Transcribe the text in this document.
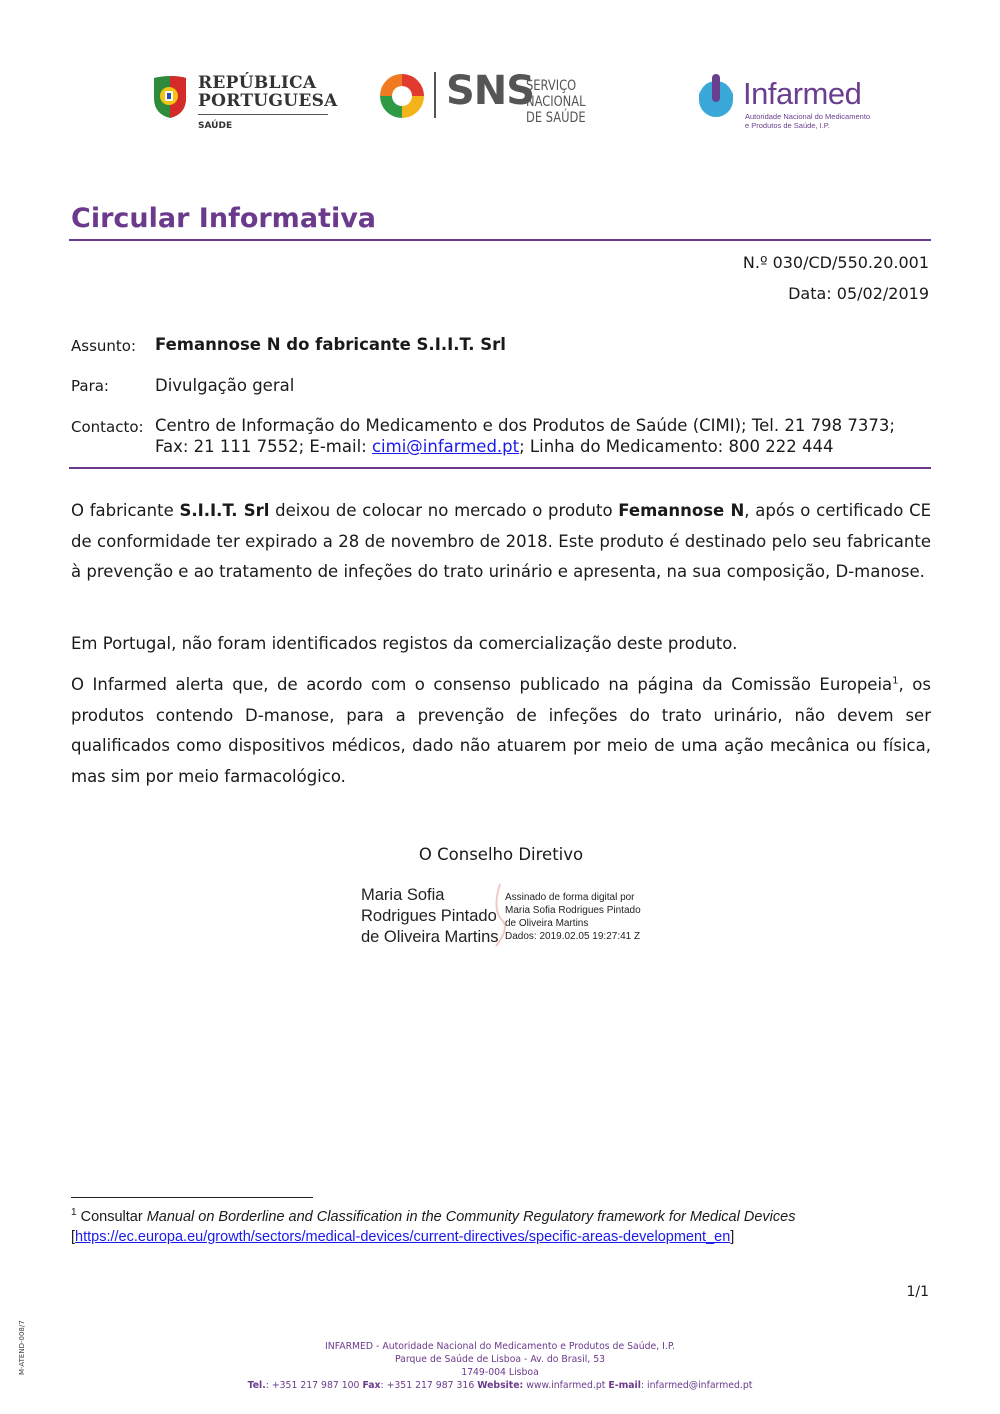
REPÚBLICA
PORTUGUESA
SAÚDE
SNS
SERVIÇO NACIONAL
DE SAÚDE
Infarmed
Autoridade Nacional do Medicamento
e Produtos de Saúde, I.P.
Circular Informativa
N.º 030/CD/550.20.001
Data: 05/02/2019
Assunto: Femannose N do fabricante S.I.I.T. Srl
Para:	Divulgação geral
Contacto: Centro de Informação do Medicamento e dos Produtos de Saúde (CIMI); Tel. 21 798 7373;
Fax: 21 111 7552; E-mail: cimi@infarmed.pt; Linha do Medicamento: 800 222 444
O fabricante S.I.I.T. Srl deixou de colocar no mercado o produto Femannose N, após o certificado CE de conformidade ter expirado a 28 de novembro de 2018. Este produto é destinado pelo seu fabricante à prevenção e ao tratamento de infeções do trato urinário e apresenta, na sua composição, D-manose.
Em Portugal, não foram identificados registos da comercialização deste produto.
O Infarmed alerta que, de acordo com o consenso publicado na página da Comissão Europeia$^1$, os produtos contendo D-manose, para a prevenção de infeções do trato urinário, não devem ser qualificados como dispositivos médicos, dado não atuarem por meio de uma ação mecânica ou física, mas sim por meio farmacológico.
O Conselho Diretivo
Maria Sofia
Rodrigues Pintado
de Oliveira Martins
Assinado de forma digital por
Maria Sofia Rodrigues Pintado
de Oliveira Martins
Dados: 2019.02.05 19:27:41 Z
$^1$ Consultar Manual on Borderline and Classification in the Community Regulatory framework for Medical Devices
[https://ec.europa.eu/growth/sectors/medical-devices/current-directives/specific-areas-development_en]
1/1
M-ATEND-008/7	INFARMED - Autoridade Nacional do Medicamento e Produtos de Saúde, I.P.
Parque de Saúde de Lisboa - Av. do Brasil, 53
1749-004 Lisboa
Tel.: +351 217 987 100 Fax: +351 217 987 316 Website: www.infarmed.pt E-mail: infarmed@infarmed.pt
